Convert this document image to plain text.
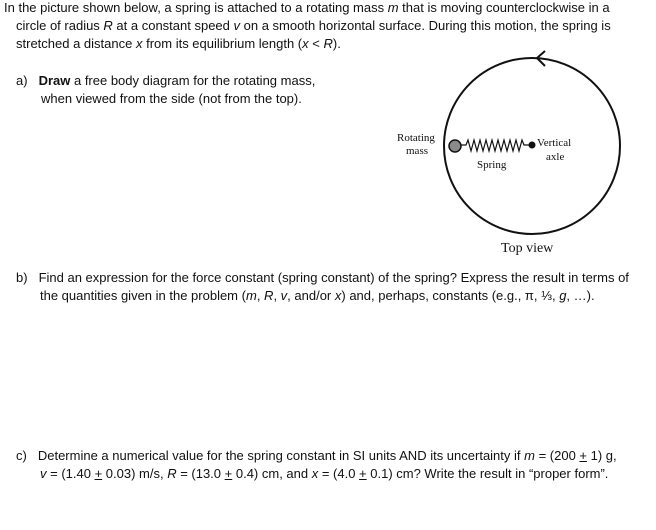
In the picture shown below, a spring is attached to a rotating mass m that is moving counterclockwise in a
circle of radius R at a constant speed v on a smooth horizontal surface. During this motion, the spring is
stretched a distance x from its equilibrium length (x < R).
a) Draw a free body diagram for the rotating mass,
when viewed from the side (not from the top).
Rotating
mass
Spring
Vertical
axle
Top view
b) Find an expression for the force constant (spring constant) of the spring? Express the result in terms of
the quantities given in the problem (m, R, v, and/or x) and, perhaps, constants (e.g., π, ⅓, g, …).
c) Determine a numerical value for the spring constant in SI units AND its uncertainty if m = (200 + 1) g,
v = (1.40 + 0.03) m/s, R = (13.0 + 0.4) cm, and x = (4.0 + 0.1) cm? Write the result in “proper form”.
